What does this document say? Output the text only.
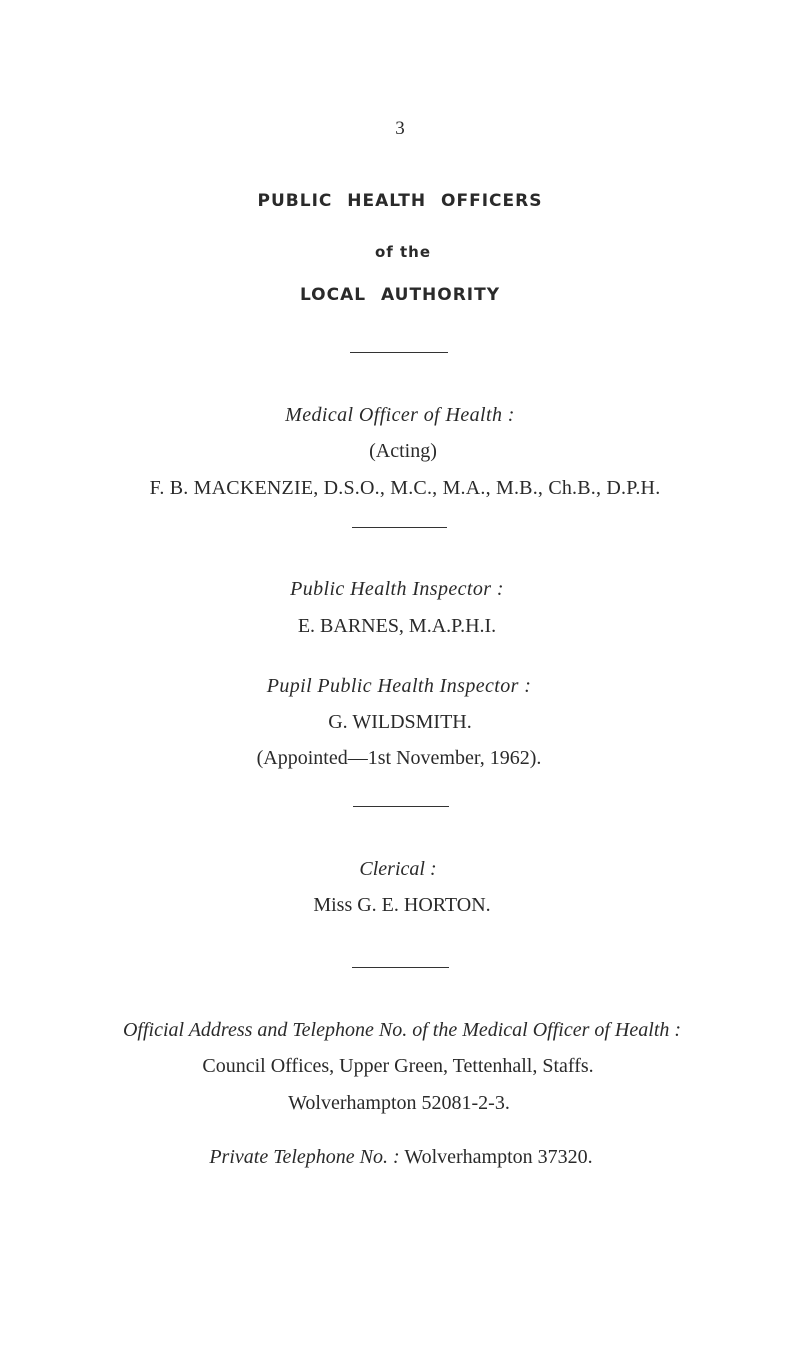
3
PUBLIC HEALTH OFFICERS
of the
LOCAL AUTHORITY
Medical Officer of Health :
(Acting)
F. B. MACKENZIE, D.S.O., M.C., M.A., M.B., Ch.B., D.P.H.
Public Health Inspector :
E. BARNES, M.A.P.H.I.
Pupil Public Health Inspector :
G. WILDSMITH.
(Appointed—1st November, 1962).
Clerical :
Miss G. E. HORTON.
Official Address and Telephone No. of the Medical Officer of Health :
Council Offices, Upper Green, Tettenhall, Staffs.
Wolverhampton 52081-2-3.
Private Telephone No. : Wolverhampton 37320.
